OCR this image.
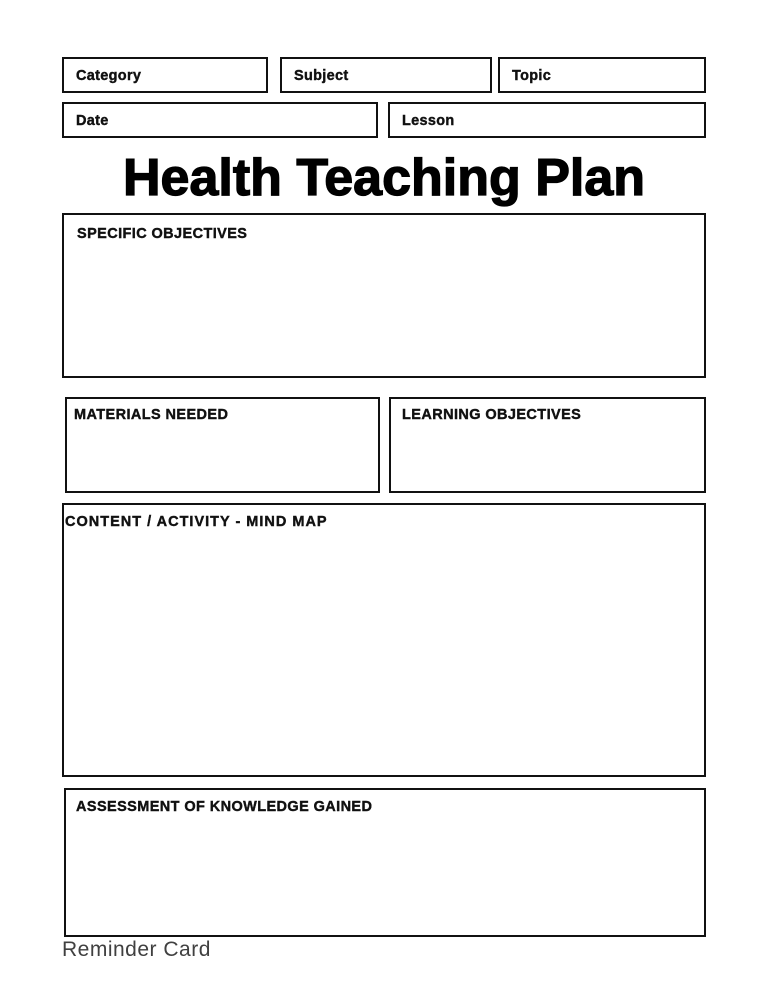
Category	Subject	Topic
Date	Lesson
Health Teaching Plan
SPECIFIC OBJECTIVES
MATERIALS NEEDED	LEARNING OBJECTIVES
CONTENT / ACTIVITY - MIND MAP
ASSESSMENT OF KNOWLEDGE GAINED
Reminder Card
